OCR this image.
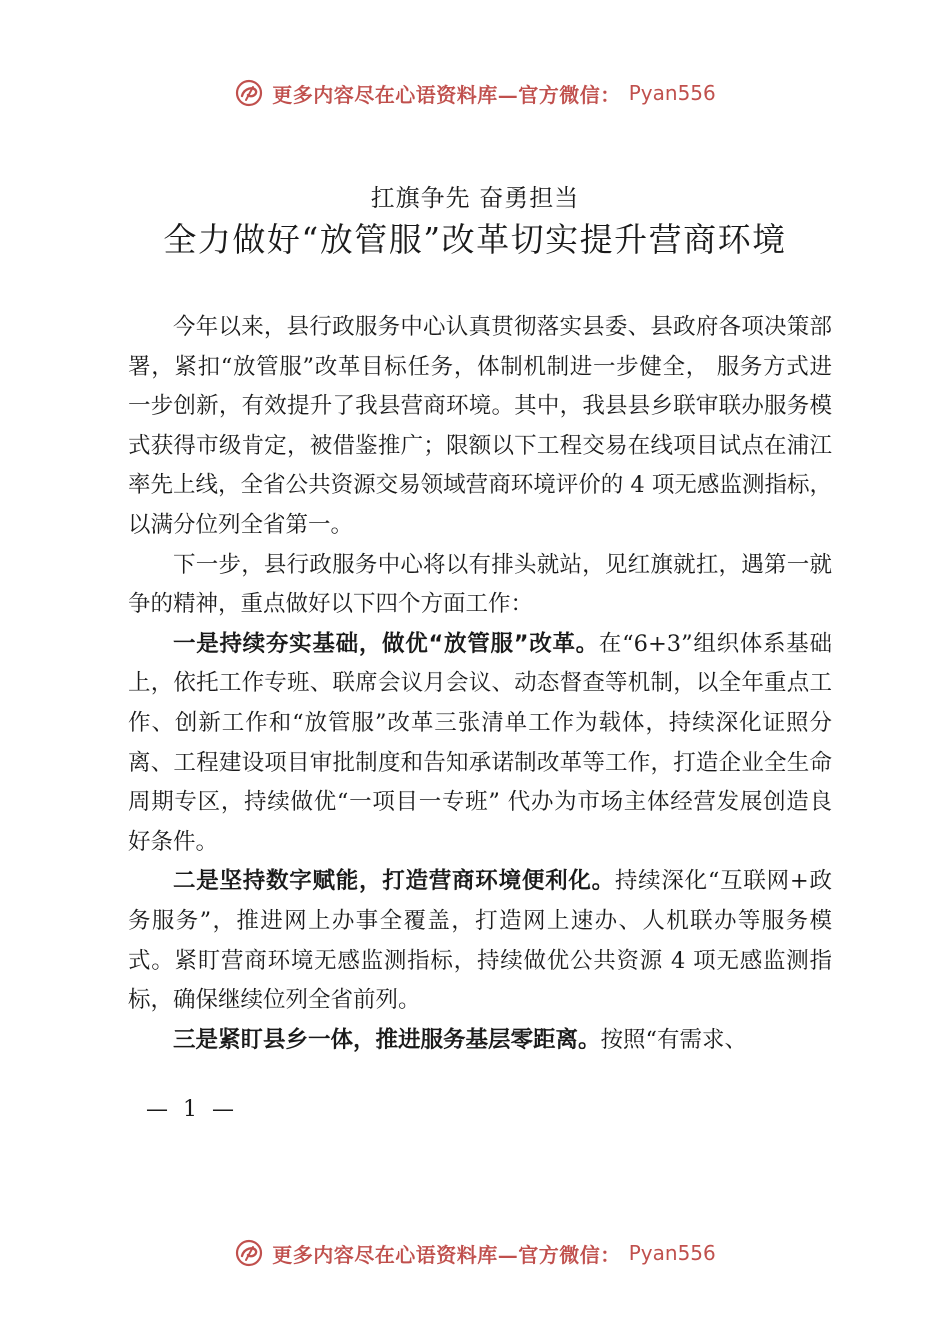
更多内容尽在心语资料库—官方微信： Pyan556
扛旗争先 奋勇担当
全力做好“放管服”改革切实提升营商环境

今年以来，县行政服务中心认真贯彻落实县委、县政府各项决策部署，紧扣“放管服”改革目标任务，体制机制进一步健全， 服务方式进一步创新，有效提升了我县营商环境。其中，我县县乡联审联办服务模式获得市级肯定，被借鉴推广；限额以下工程交易在线项目试点在浦江率先上线，全省公共资源交易领域营商环境评价的 4 项无感监测指标，以满分位列全省第一。

下一步，县行政服务中心将以有排头就站，见红旗就扛，遇第一就争的精神，重点做好以下四个方面工作：

一是持续夯实基础，做优“放管服”改革。在“6+3”组织体系基础上，依托工作专班、联席会议月会议、动态督查等机制，以全年重点工作、创新工作和“放管服”改革三张清单工作为载体，持续深化证照分离、工程建设项目审批制度和告知承诺制改革等工作，打造企业全生命周期专区，持续做优“一项目一专班” 代办为市场主体经营发展创造良好条件。

二是坚持数字赋能，打造营商环境便利化。持续深化“互联网+政务服务”，推进网上办事全覆盖，打造网上速办、人机联办等服务模式。紧盯营商环境无感监测指标，持续做优公共资源 4 项无感监测指标，确保继续位列全省前列。

三是紧盯县乡一体，推进服务基层零距离。按照“有需求、

— 1 —
更多内容尽在心语资料库—官方微信： Pyan556
